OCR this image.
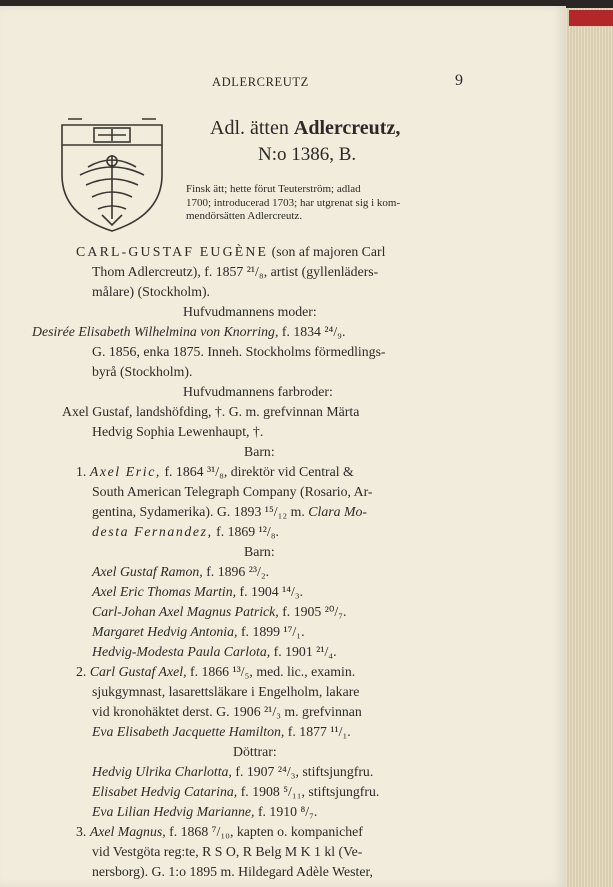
ADLERCREUTZ	9
Adl. ätten Adlercreutz,
N:o 1386, B.

Finsk ätt; hette förut Teuterström; adlad

1700; introducerad 1703; har utgrenat sig i kom-

mendörsätten Adlercreutz.

CARL-GUSTAF EUGÈNE (son af majoren Carl
Thom Adlercreutz), f. 1857 ²¹/₈, artist (gyllenläders-
målare) (Stockholm).
Hufvudmannens moder:
Desirée Elisabeth Wilhelmina von Knorring, f. 1834 ²⁴/₉.
G. 1856, enka 1875. Inneh. Stockholms förmedlings-
byrå (Stockholm).
Hufvudmannens farbroder:
Axel Gustaf, landshöfding, †. G. m. grefvinnan Märta
Hedvig Sophia Lewenhaupt, †.
Barn:
1. Axel Eric, f. 1864 ³¹/₈, direktör vid Central &
South American Telegraph Company (Rosario, Ar-
gentina, Sydamerika). G. 1893 ¹⁵/₁₂ m. Clara Mo-
desta Fernandez, f. 1869 ¹²/₈.
Barn:
Axel Gustaf Ramon, f. 1896 ²³/₂.
Axel Eric Thomas Martin, f. 1904 ¹⁴/₃.
Carl-Johan Axel Magnus Patrick, f. 1905 ²⁰/₇.
Margaret Hedvig Antonia, f. 1899 ¹⁷/₁.
Hedvig-Modesta Paula Carlota, f. 1901 ²¹/₄.
2. Carl Gustaf Axel, f. 1866 ¹³/₅, med. lic., examin.
sjukgymnast, lasarettsläkare i Engelholm, lakare
vid kronohäktet derst. G. 1906 ²¹/₃ m. grefvinnan
Eva Elisabeth Jacquette Hamilton, f. 1877 ¹¹/₁.
Döttrar:
Hedvig Ulrika Charlotta, f. 1907 ²⁴/₃, stiftsjungfru.
Elisabet Hedvig Catarina, f. 1908 ⁵/₁₁, stiftsjungfru.
Eva Lilian Hedvig Marianne, f. 1910 ⁸/₇.
3. Axel Magnus, f. 1868 ⁷/₁₀, kapten o. kompanichef
vid Vestgöta reg:te, R S O, R Belg M K 1 kl (Ve-
nersborg). G. 1:o 1895 m. Hildegard Adèle Wester,
